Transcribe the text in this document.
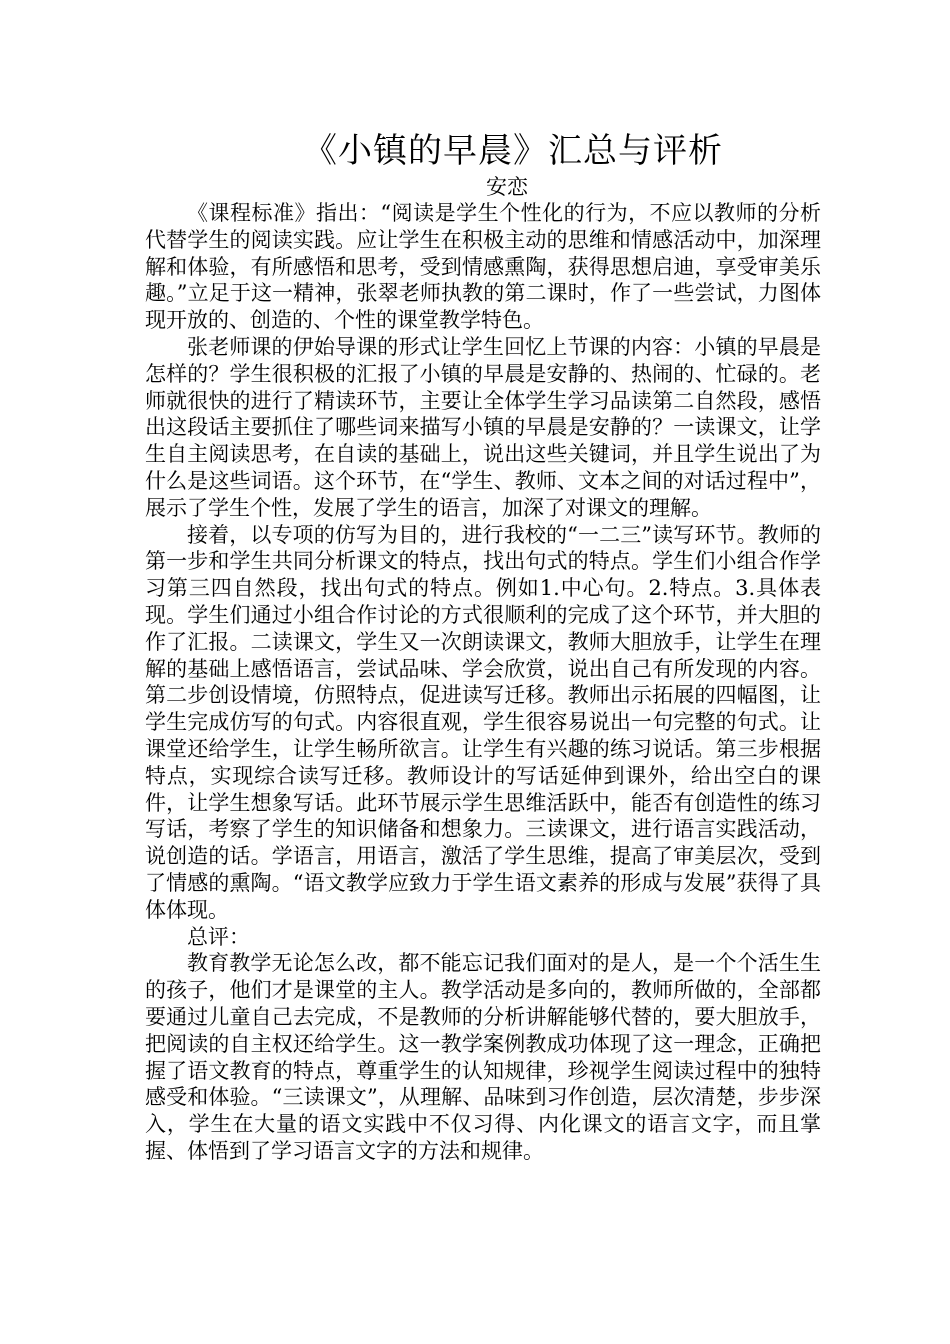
《小镇的早晨》汇总与评析
安恋

《课程标准》指出：“阅读是学生个性化的行为，不应以教师的分析代替学生的阅读实践。应让学生在积极主动的思维和情感活动中，加深理解和体验，有所感悟和思考，受到情感熏陶，获得思想启迪，享受审美乐趣。”立足于这一精神，张翠老师执教的第二课时，作了一些尝试，力图体现开放的、创造的、个性的课堂教学特色。

张老师课的伊始导课的形式让学生回忆上节课的内容：小镇的早晨是怎样的？学生很积极的汇报了小镇的早晨是安静的、热闹的、忙碌的。老师就很快的进行了精读环节，主要让全体学生学习品读第二自然段，感悟出这段话主要抓住了哪些词来描写小镇的早晨是安静的？一读课文，让学生自主阅读思考，在自读的基础上，说出这些关键词，并且学生说出了为什么是这些词语。这个环节，在“学生、教师、文本之间的对话过程中”，展示了学生个性，发展了学生的语言，加深了对课文的理解。

接着，以专项的仿写为目的，进行我校的“一二三”读写环节。教师的第一步和学生共同分析课文的特点，找出句式的特点。学生们小组合作学习第三四自然段，找出句式的特点。例如1.中心句。2.特点。3.具体表现。学生们通过小组合作讨论的方式很顺利的完成了这个环节，并大胆的作了汇报。二读课文，学生又一次朗读课文，教师大胆放手，让学生在理解的基础上感悟语言，尝试品味、学会欣赏，说出自己有所发现的内容。第二步创设情境，仿照特点，促进读写迁移。教师出示拓展的四幅图，让学生完成仿写的句式。内容很直观，学生很容易说出一句完整的句式。让课堂还给学生，让学生畅所欲言。让学生有兴趣的练习说话。第三步根据特点，实现综合读写迁移。教师设计的写话延伸到课外，给出空白的课件，让学生想象写话。此环节展示学生思维活跃中，能否有创造性的练习写话，考察了学生的知识储备和想象力。三读课文，进行语言实践活动，说创造的话。学语言，用语言，激活了学生思维，提高了审美层次，受到了情感的熏陶。“语文教学应致力于学生语文素养的形成与发展”获得了具体体现。

总评：

教育教学无论怎么改，都不能忘记我们面对的是人，是一个个活生生的孩子，他们才是课堂的主人。教学活动是多向的，教师所做的，全部都要通过儿童自己去完成，不是教师的分析讲解能够代替的，要大胆放手，把阅读的自主权还给学生。这一教学案例教成功体现了这一理念，正确把握了语文教育的特点，尊重学生的认知规律，珍视学生阅读过程中的独特感受和体验。“三读课文”，从理解、品味到习作创造，层次清楚，步步深入，学生在大量的语文实践中不仅习得、内化课文的语言文字，而且掌握、体悟到了学习语言文字的方法和规律。
